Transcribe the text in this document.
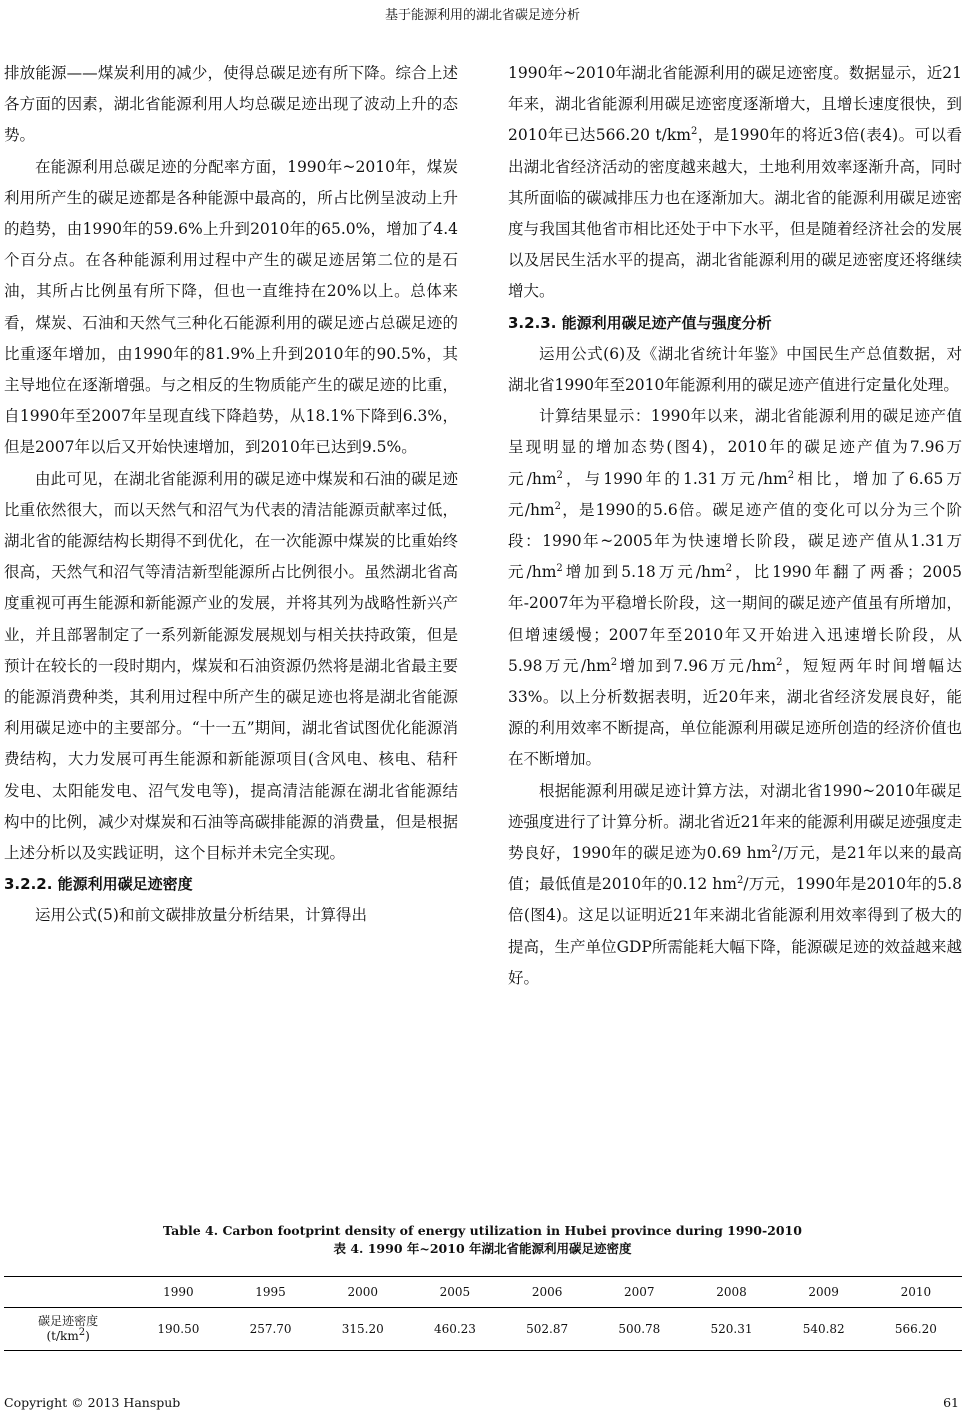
基于能源利用的湖北省碳足迹分析

排放能源——煤炭利用的减少，使得总碳足迹有所下降。综合上述各方面的因素，湖北省能源利用人均总碳足迹出现了波动上升的态势。

在能源利用总碳足迹的分配率方面，1990年~2010年，煤炭利用所产生的碳足迹都是各种能源中最高的，所占比例呈波动上升的趋势，由1990年的59.6%上升到2010年的65.0%，增加了4.4个百分点。在各种能源利用过程中产生的碳足迹居第二位的是石油，其所占比例虽有所下降，但也一直维持在20%以上。总体来看，煤炭、石油和天然气三种化石能源利用的碳足迹占总碳足迹的比重逐年增加，由1990年的81.9%上升到2010年的90.5%，其主导地位在逐渐增强。与之相反的生物质能产生的碳足迹的比重，自1990年至2007年呈现直线下降趋势，从18.1%下降到6.3%，但是2007年以后又开始快速增加，到2010年已达到9.5%。

由此可见，在湖北省能源利用的碳足迹中煤炭和石油的碳足迹比重依然很大，而以天然气和沼气为代表的清洁能源贡献率过低，湖北省的能源结构长期得不到优化，在一次能源中煤炭的比重始终很高，天然气和沼气等清洁新型能源所占比例很小。虽然湖北省高度重视可再生能源和新能源产业的发展，并将其列为战略性新兴产业，并且部署制定了一系列新能源发展规划与相关扶持政策，但是预计在较长的一段时期内，煤炭和石油资源仍然将是湖北省最主要的能源消费种类，其利用过程中所产生的碳足迹也将是湖北省能源利用碳足迹中的主要部分。“十一五”期间，湖北省试图优化能源消费结构，大力发展可再生能源和新能源项目(含风电、核电、秸秆发电、太阳能发电、沼气发电等)，提高清洁能源在湖北省能源结构中的比例，减少对煤炭和石油等高碳排能源的消费量，但是根据上述分析以及实践证明，这个目标并未完全实现。

3.2.2. 能源利用碳足迹密度

运用公式(5)和前文碳排放量分析结果，计算得出

1990年~2010年湖北省能源利用的碳足迹密度。数据显示，近21年来，湖北省能源利用碳足迹密度逐渐增大，且增长速度很快，到2010年已达566.20 $t/km^2$，是1990年的将近3倍(表4)。可以看出湖北省经济活动的密度越来越大，土地利用效率逐渐升高，同时其所面临的碳减排压力也在逐渐加大。湖北省的能源利用碳足迹密度与我国其他省市相比还处于中下水平，但是随着经济社会的发展以及居民生活水平的提高，湖北省能源利用的碳足迹密度还将继续增大。

3.2.3. 能源利用碳足迹产值与强度分析

运用公式(6)及《湖北省统计年鉴》中国民生产总值数据，对湖北省1990年至2010年能源利用的碳足迹产值进行定量化处理。

计算结果显示：1990年以来，湖北省能源利用的碳足迹产值呈现明显的增加态势(图4)，2010年的碳足迹产值为7.96万元$/hm^2$，与1990年的1.31万元$/hm^2$相比，增加了6.65万元$/hm^2$，是1990的5.6倍。碳足迹产值的变化可以分为三个阶段：1990年~2005年为快速增长阶段，碳足迹产值从1.31万元$/hm^2$增加到5.18万元$/hm^2$，比1990年翻了两番；2005年-2007年为平稳增长阶段，这一期间的碳足迹产值虽有所增加，但增速缓慢；2007年至2010年又开始进入迅速增长阶段，从5.98万元$/hm^2$增加到7.96万元$/hm^2$，短短两年时间增幅达33%。以上分析数据表明，近20年来，湖北省经济发展良好，能源的利用效率不断提高，单位能源利用碳足迹所创造的经济价值也在不断增加。

根据能源利用碳足迹计算方法，对湖北省1990~2010年碳足迹强度进行了计算分析。湖北省近21年来的能源利用碳足迹强度走势良好，1990年的碳足迹为0.69 $hm^2/$万元，是21年以来的最高值；最低值是2010年的0.12 $hm^2/$万元，1990年是2010年的5.8倍(图4)。这足以证明近21年来湖北省能源利用效率得到了极大的提高，生产单位GDP所需能耗大幅下降，能源碳足迹的效益越来越好。

Table 4. Carbon footprint density of energy utilization in Hubei province during 1990-2010
表 4. 1990 年~2010 年湖北省能源利用碳足迹密度
	1990	1995	2000	2005	2006	2007	2008	2009	2010
碳足迹密度
$(t/km^2)$	190.50	257.70	315.20	460.23	502.87	500.78	520.31	540.82	566.20
Copyright © 2013 Hanspub	61
